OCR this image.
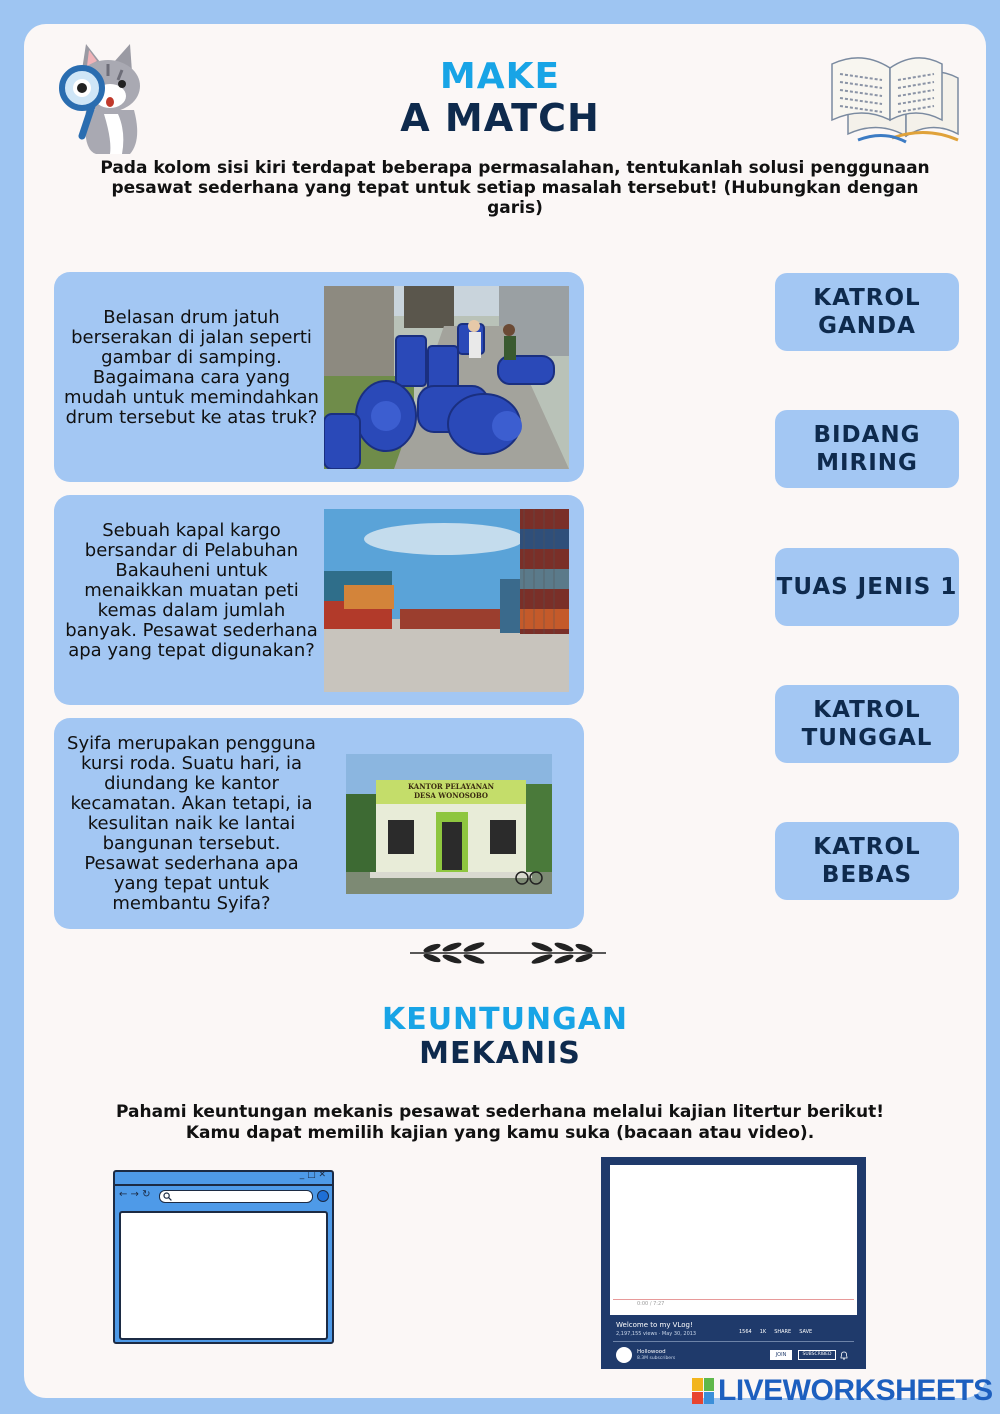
MAKE
A MATCH
Pada kolom sisi kiri terdapat beberapa permasalahan, tentukanlah solusi penggunaan pesawat sederhana yang tepat untuk setiap masalah tersebut! (Hubungkan dengan garis)
Belasan drum jatuh berserakan di jalan seperti gambar di samping. Bagaimana cara yang mudah untuk memindahkan drum tersebut ke atas truk?
Sebuah kapal kargo bersandar di Pelabuhan Bakauheni untuk menaikkan muatan peti kemas dalam jumlah banyak. Pesawat sederhana apa yang tepat digunakan?
Syifa merupakan pengguna kursi roda. Suatu hari, ia diundang ke kantor kecamatan. Akan tetapi, ia kesulitan naik ke lantai bangunan tersebut. Pesawat sederhana apa yang tepat untuk membantu Syifa?
KANTOR PELAYANAN
DESA WONOSOBO
KATROL GANDA
BIDANG MIRING
TUAS JENIS 1
KATROL TUNGGAL
KATROL BEBAS
KEUNTUNGAN
MEKANIS
Pahami keuntungan mekanis pesawat sederhana melalui kajian litertur berikut! Kamu dapat memilih kajian yang kamu suka (bacaan atau video).
_ □ ✕
← → ↻
0:00 / 7:27
Welcome to my VLog!
2,197,155 views · May 30, 2013	1564 1K SHARE SAVE
Hollowood
8.3M subscribers
JOIN	SUBSCRIBED
LIVEWORKSHEETS
